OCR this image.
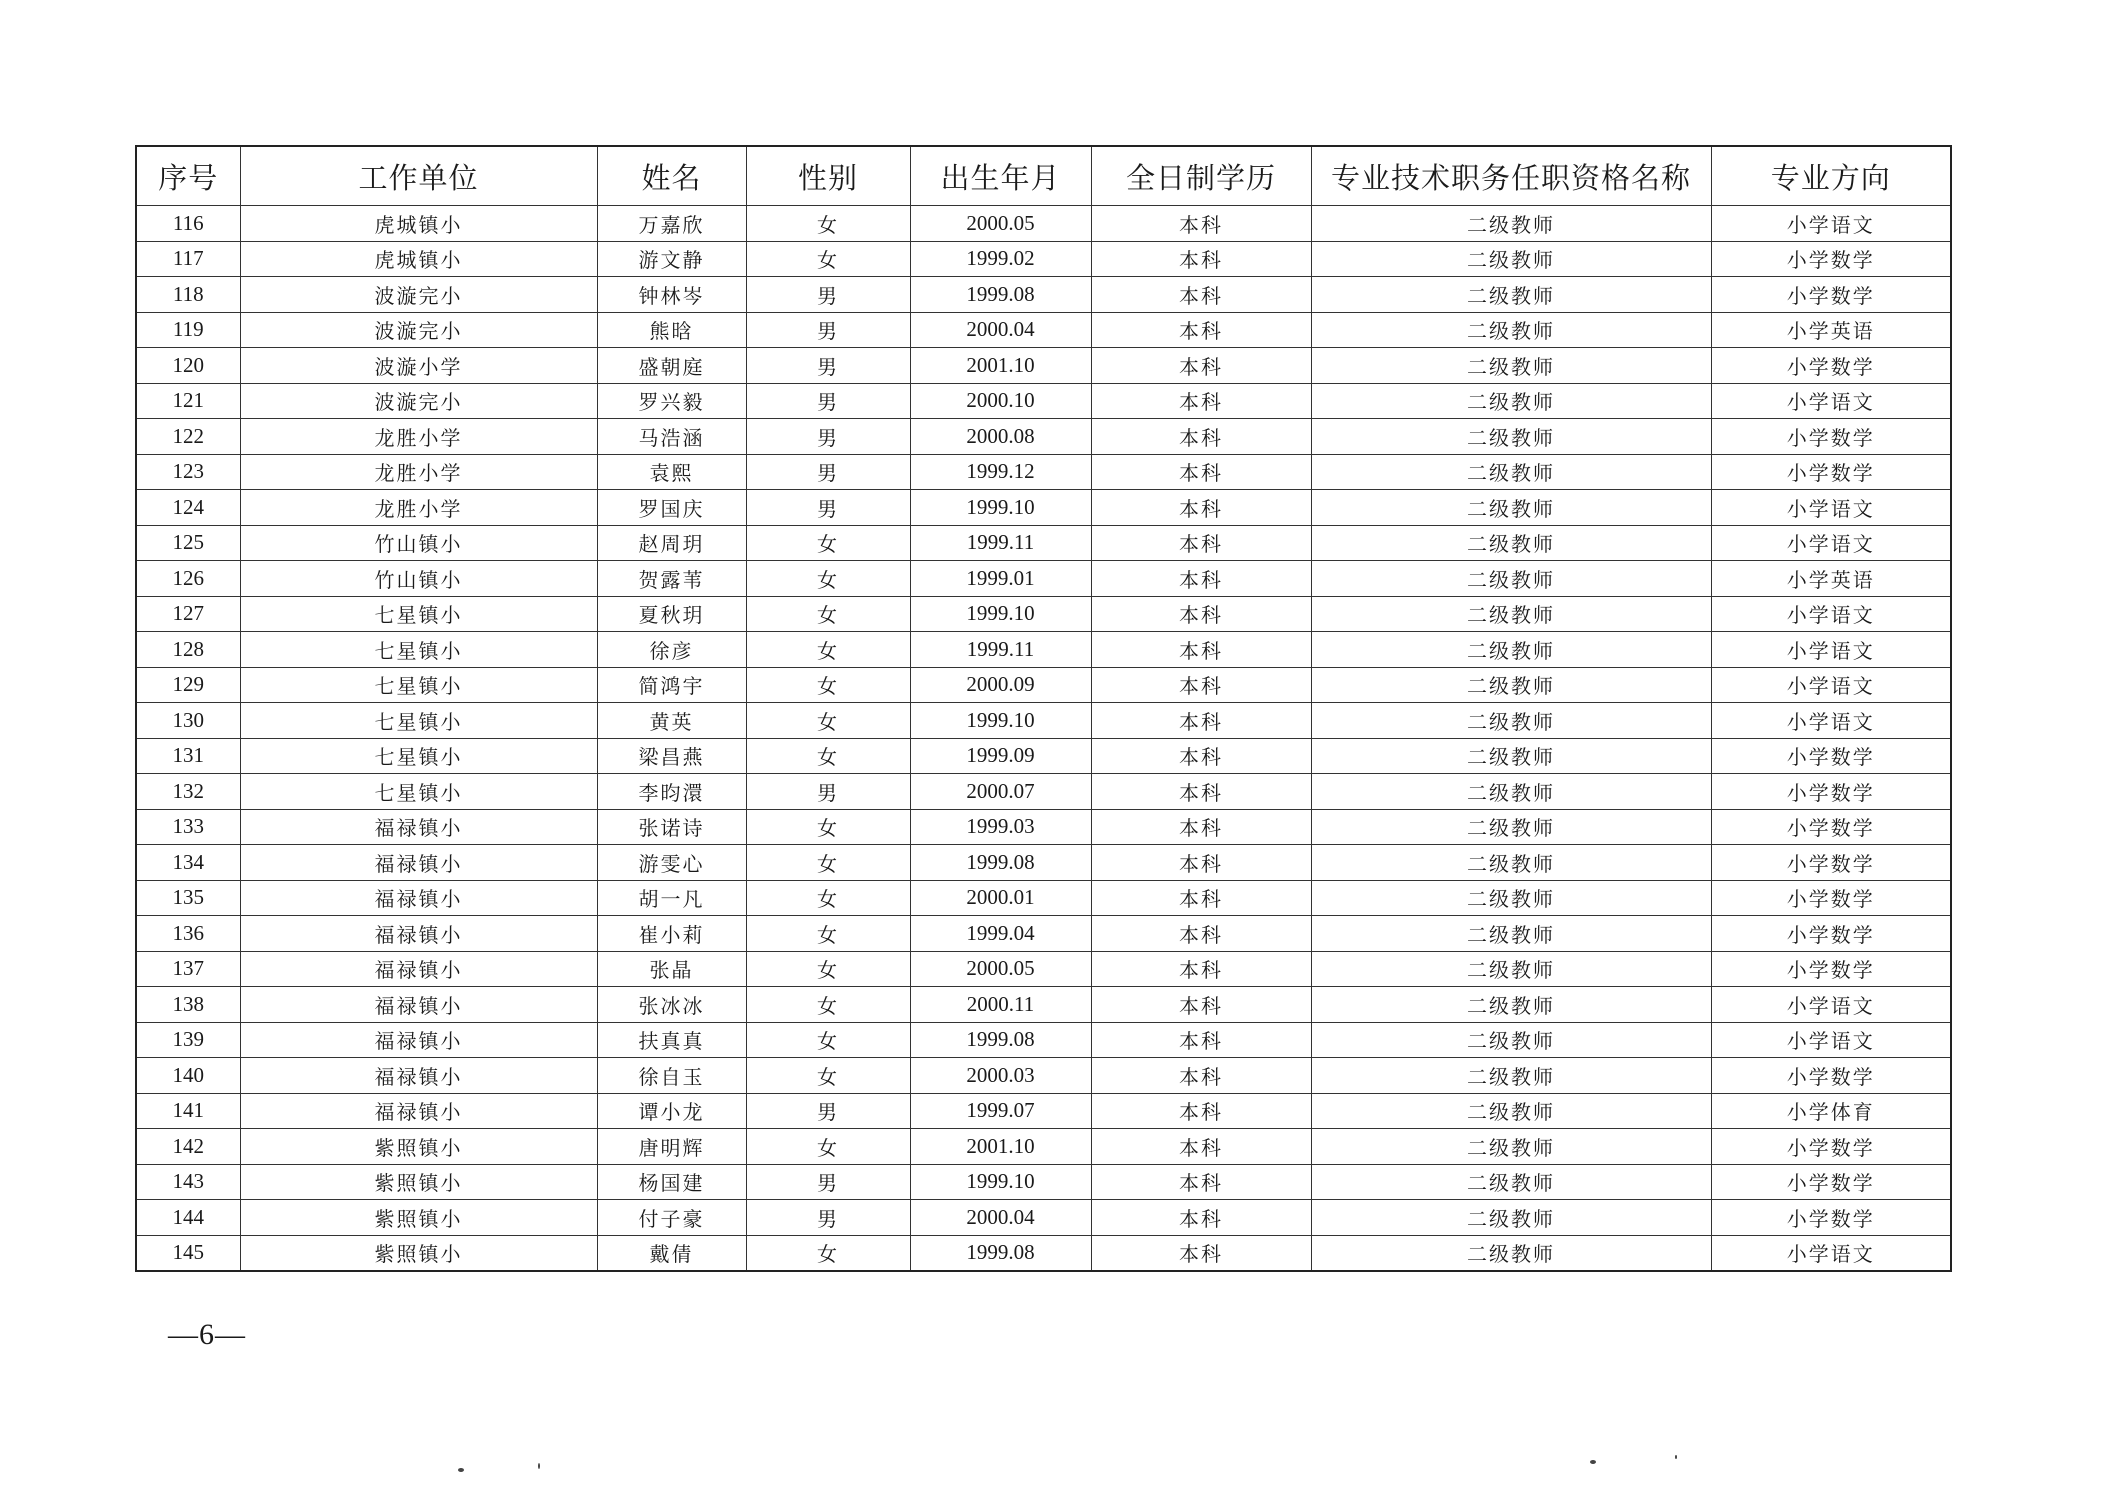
序号	工作单位	姓名	性别	出生年月	全日制学历	专业技术职务任职资格名称	专业方向
116	虎城镇小	万嘉欣	女	2000.05	本科	二级教师	小学语文
117	虎城镇小	游文静	女	1999.02	本科	二级教师	小学数学
118	波漩完小	钟林岑	男	1999.08	本科	二级教师	小学数学
119	波漩完小	熊晗	男	2000.04	本科	二级教师	小学英语
120	波漩小学	盛朝庭	男	2001.10	本科	二级教师	小学数学
121	波漩完小	罗兴毅	男	2000.10	本科	二级教师	小学语文
122	龙胜小学	马浩涵	男	2000.08	本科	二级教师	小学数学
123	龙胜小学	袁熙	男	1999.12	本科	二级教师	小学数学
124	龙胜小学	罗国庆	男	1999.10	本科	二级教师	小学语文
125	竹山镇小	赵周玥	女	1999.11	本科	二级教师	小学语文
126	竹山镇小	贺露苇	女	1999.01	本科	二级教师	小学英语
127	七星镇小	夏秋玥	女	1999.10	本科	二级教师	小学语文
128	七星镇小	徐彦	女	1999.11	本科	二级教师	小学语文
129	七星镇小	简鸿宇	女	2000.09	本科	二级教师	小学语文
130	七星镇小	黄英	女	1999.10	本科	二级教师	小学语文
131	七星镇小	梁昌燕	女	1999.09	本科	二级教师	小学数学
132	七星镇小	李昀澴	男	2000.07	本科	二级教师	小学数学
133	福禄镇小	张诺诗	女	1999.03	本科	二级教师	小学数学
134	福禄镇小	游雯心	女	1999.08	本科	二级教师	小学数学
135	福禄镇小	胡一凡	女	2000.01	本科	二级教师	小学数学
136	福禄镇小	崔小莉	女	1999.04	本科	二级教师	小学数学
137	福禄镇小	张晶	女	2000.05	本科	二级教师	小学数学
138	福禄镇小	张冰冰	女	2000.11	本科	二级教师	小学语文
139	福禄镇小	扶真真	女	1999.08	本科	二级教师	小学语文
140	福禄镇小	徐自玉	女	2000.03	本科	二级教师	小学数学
141	福禄镇小	谭小龙	男	1999.07	本科	二级教师	小学体育
142	紫照镇小	唐明辉	女	2001.10	本科	二级教师	小学数学
143	紫照镇小	杨国建	男	1999.10	本科	二级教师	小学数学
144	紫照镇小	付子豪	男	2000.04	本科	二级教师	小学数学
145	紫照镇小	戴倩	女	1999.08	本科	二级教师	小学语文
—6—
